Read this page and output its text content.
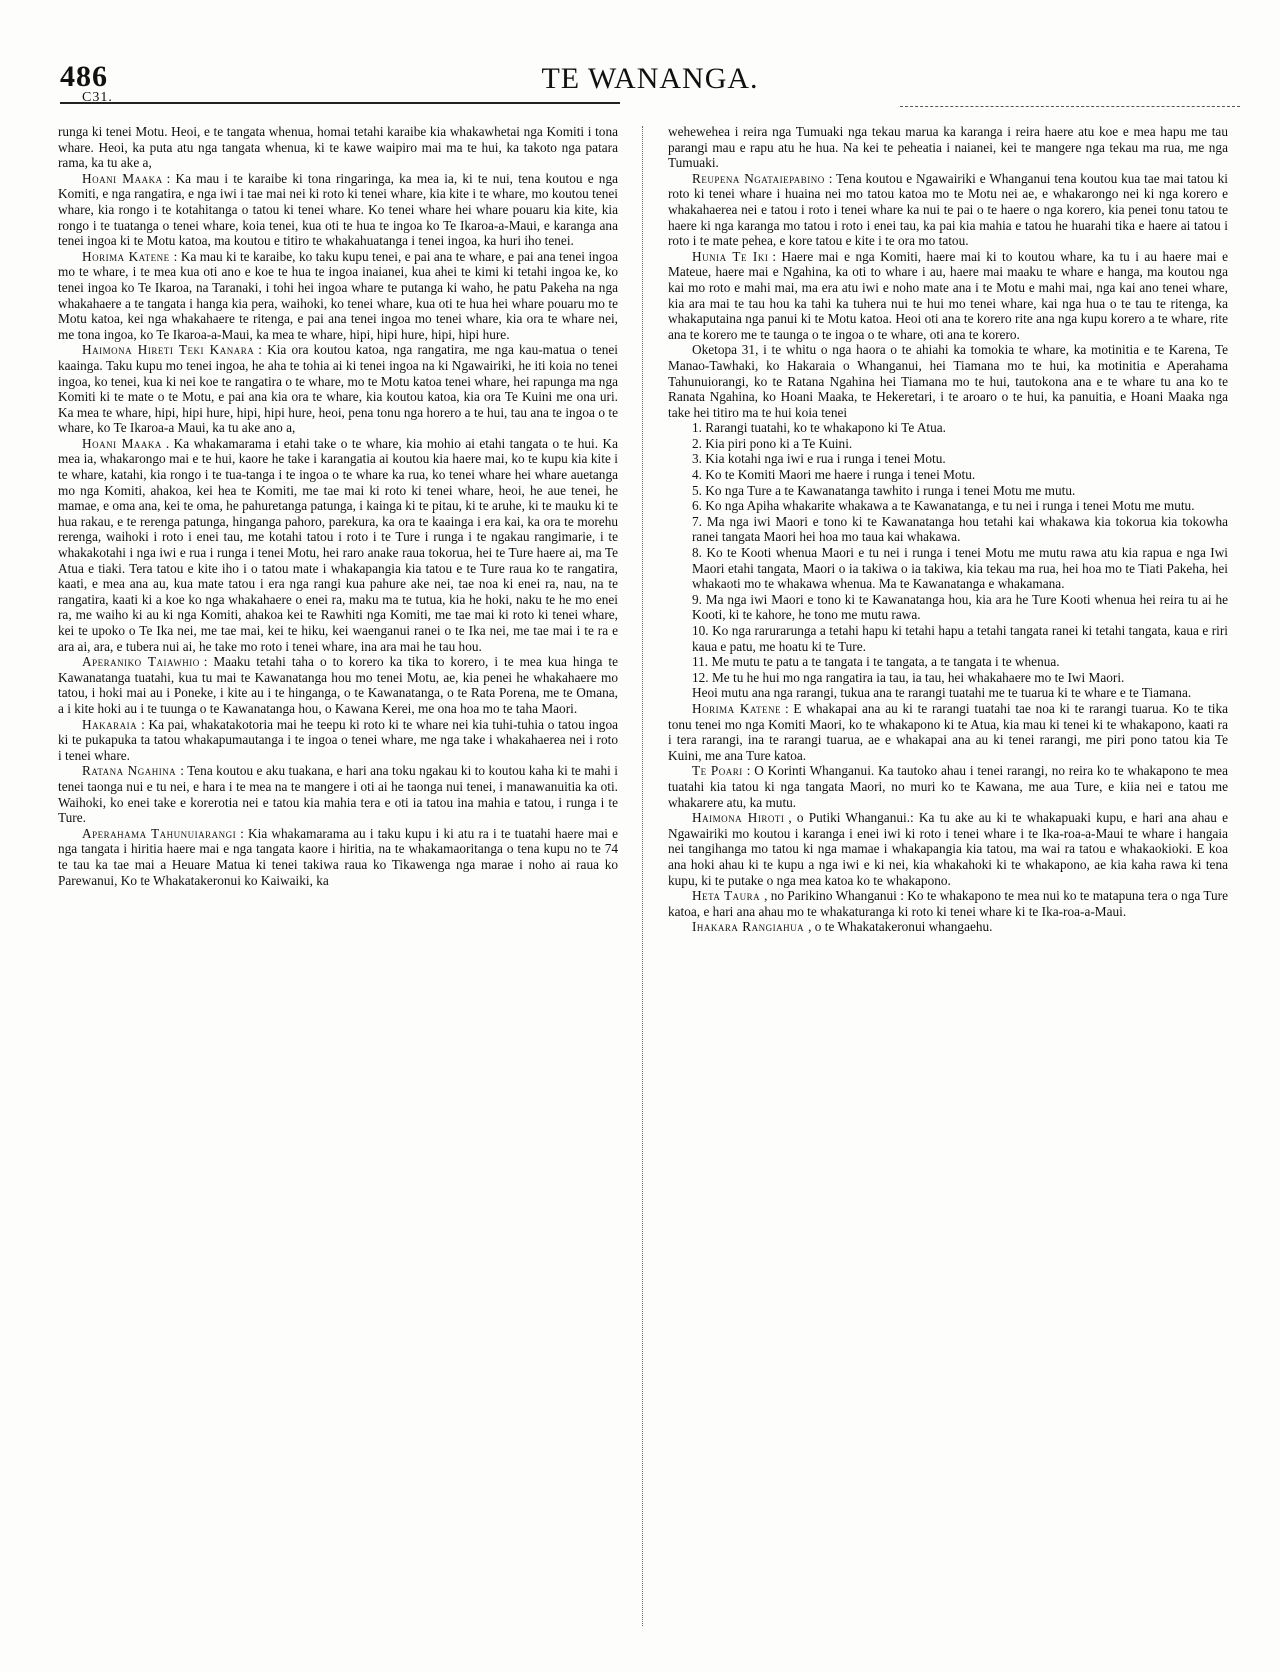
486
C31.
TE WANANGA.

runga ki tenei Motu. Heoi, e te tangata whenua, homai tetahi karaibe kia whakawhetai nga Komiti i tona whare. Heoi, ka puta atu nga tangata whenua, ki te kawe waipiro mai ma te hui, ka takoto nga patara rama, ka tu ake a,

Hoani Maaka : Ka mau i te karaibe ki tona ringaringa, ka mea ia, ki te nui, tena koutou e nga Komiti, e nga rangatira, e nga iwi i tae mai nei ki roto ki tenei whare, kia kite i te whare, mo koutou tenei whare, kia rongo i te kotahitanga o tatou ki tenei whare. Ko tenei whare hei whare pouaru kia kite, kia rongo i te tuatanga o tenei whare, koia tenei, kua oti te hua te ingoa ko Te Ikaroa-a-Maui, e karanga ana tenei ingoa ki te Motu katoa, ma koutou e titiro te whakahuatanga i tenei ingoa, ka huri iho tenei.

Horima Katene : Ka mau ki te karaibe, ko taku kupu tenei, e pai ana te whare, e pai ana tenei ingoa mo te whare, i te mea kua oti ano e koe te hua te ingoa inaianei, kua ahei te kimi ki tetahi ingoa ke, ko tenei ingoa ko Te Ikaroa, na Taranaki, i tohi hei ingoa whare te putanga ki waho, he patu Pakeha na nga whakahaere a te tangata i hanga kia pera, waihoki, ko tenei whare, kua oti te hua hei whare pouaru mo te Motu katoa, kei nga whakahaere te ritenga, e pai ana tenei ingoa mo tenei whare, kia ora te whare nei, me tona ingoa, ko Te Ikaroa-a-Maui, ka mea te whare, hipi, hipi hure, hipi, hipi hure.

Haimona Hireti Teki Kanara : Kia ora koutou katoa, nga rangatira, me nga kau-matua o tenei kaainga. Taku kupu mo tenei ingoa, he aha te tohia ai ki tenei ingoa na ki Ngawairiki, he iti koia no tenei ingoa, ko tenei, kua ki nei koe te rangatira o te whare, mo te Motu katoa tenei whare, hei rapunga ma nga Komiti ki te mate o te Motu, e pai ana kia ora te whare, kia koutou katoa, kia ora Te Kuini me ona uri. Ka mea te whare, hipi, hipi hure, hipi, hipi hure, heoi, pena tonu nga horero a te hui, tau ana te ingoa o te whare, ko Te Ikaroa-a Maui, ka tu ake ano a,

Hoani Maaka . Ka whakamarama i etahi take o te whare, kia mohio ai etahi tangata o te hui. Ka mea ia, whakarongo mai e te hui, kaore he take i karangatia ai koutou kia haere mai, ko te kupu kia kite i te whare, katahi, kia rongo i te tua-tanga i te ingoa o te whare ka rua, ko tenei whare hei whare auetanga mo nga Komiti, ahakoa, kei hea te Komiti, me tae mai ki roto ki tenei whare, heoi, he aue tenei, he mamae, e oma ana, kei te oma, he pahuretanga patunga, i kainga ki te pitau, ki te aruhe, ki te mauku ki te hua rakau, e te rerenga patunga, hinganga pahoro, parekura, ka ora te kaainga i era kai, ka ora te morehu rerenga, waihoki i roto i enei tau, me kotahi tatou i roto i te Ture i runga i te ngakau rangimarie, i te whakakotahi i nga iwi e rua i runga i tenei Motu, hei raro anake raua tokorua, hei te Ture haere ai, ma Te Atua e tiaki. Tera tatou e kite iho i o tatou mate i whakapangia kia tatou e te Ture raua ko te rangatira, kaati, e mea ana au, kua mate tatou i era nga rangi kua pahure ake nei, tae noa ki enei ra, nau, na te rangatira, kaati ki a koe ko nga whakahaere o enei ra, maku ma te tutua, kia he hoki, naku te he mo enei ra, me waiho ki au ki nga Komiti, ahakoa kei te Rawhiti nga Komiti, me tae mai ki roto ki tenei whare, kei te upoko o Te Ika nei, me tae mai, kei te hiku, kei waenganui ranei o te Ika nei, me tae mai i te ra e ara ai, ara, e tubera nui ai, he take mo roto i tenei whare, ina ara mai he tau hou.

Aperaniko Taiawhio : Maaku tetahi taha o to korero ka tika to korero, i te mea kua hinga te Kawanatanga tuatahi, kua tu mai te Kawanatanga hou mo tenei Motu, ae, kia penei he whakahaere mo tatou, i hoki mai au i Poneke, i kite au i te hinganga, o te Kawanatanga, o te Rata Porena, me te Omana, a i kite hoki au i te tuunga o te Kawanatanga hou, o Kawana Kerei, me ona hoa mo te taha Maori.

Hakaraia : Ka pai, whakatakotoria mai he teepu ki roto ki te whare nei kia tuhi-tuhia o tatou ingoa ki te pukapuka ta tatou whakapumautanga i te ingoa o tenei whare, me nga take i whakahaerea nei i roto i tenei whare.

Ratana Ngahina : Tena koutou e aku tuakana, e hari ana toku ngakau ki to koutou kaha ki te mahi i tenei taonga nui e tu nei, e hara i te mea na te mangere i oti ai he taonga nui tenei, i manawanuitia ka oti. Waihoki, ko enei take e korerotia nei e tatou kia mahia tera e oti ia tatou ina mahia e tatou, i runga i te Ture.

Aperahama Tahunuiarangi : Kia whakamarama au i taku kupu i ki atu ra i te tuatahi haere mai e nga tangata i hiritia haere mai e nga tangata kaore i hiritia, na te whakamaoritanga o tena kupu no te 74 te tau ka tae mai a Heuare Matua ki tenei takiwa raua ko Tikawenga nga marae i noho ai raua ko Parewanui, Ko te Whakatakeronui ko Kaiwaiki, ka

wehewehea i reira nga Tumuaki nga tekau marua ka karanga i reira haere atu koe e mea hapu me tau parangi mau e rapu atu he hua. Na kei te peheatia i naianei, kei te mangere nga tekau ma rua, me nga Tumuaki.

Reupena Ngataiepabino : Tena koutou e Ngawairiki e Whanganui tena koutou kua tae mai tatou ki roto ki tenei whare i huaina nei mo tatou katoa mo te Motu nei ae, e whakarongo nei ki nga korero e whakahaerea nei e tatou i roto i tenei whare ka nui te pai o te haere o nga korero, kia penei tonu tatou te haere ki nga karanga mo tatou i roto i enei tau, ka pai kia mahia e tatou he huarahi tika e haere ai tatou i roto i te mate pehea, e kore tatou e kite i te ora mo tatou.

Hunia Te Iki : Haere mai e nga Komiti, haere mai ki to koutou whare, ka tu i au haere mai e Mateue, haere mai e Ngahina, ka oti to whare i au, haere mai maaku te whare e hanga, ma koutou nga kai mo roto e mahi mai, ma era atu iwi e noho mate ana i te Motu e mahi mai, nga kai ano tenei whare, kia ara mai te tau hou ka tahi ka tuhera nui te hui mo tenei whare, kai nga hua o te tau te ritenga, ka whakaputaina nga panui ki te Motu katoa. Heoi oti ana te korero rite ana nga kupu korero a te whare, rite ana te korero me te taunga o te ingoa o te whare, oti ana te korero.

Oketopa 31, i te whitu o nga haora o te ahiahi ka tomokia te whare, ka motinitia e te Karena, Te Manao-Tawhaki, ko Hakaraia o Whanganui, hei Tiamana mo te hui, ka motinitia e Aperahama Tahunuiorangi, ko te Ratana Ngahina hei Tiamana mo te hui, tautokona ana e te whare tu ana ko te Ranata Ngahina, ko Hoani Maaka, te Hekeretari, i te aroaro o te hui, ka panuitia, e Hoani Maaka nga take hei titiro ma te hui koia tenei

1. Rarangi tuatahi, ko te whakapono ki Te Atua.

2. Kia piri pono ki a Te Kuini.

3. Kia kotahi nga iwi e rua i runga i tenei Motu.

4. Ko te Komiti Maori me haere i runga i tenei Motu.

5. Ko nga Ture a te Kawanatanga tawhito i runga i tenei Motu me mutu.

6. Ko nga Apiha whakarite whakawa a te Kawanatanga, e tu nei i runga i tenei Motu me mutu.

7. Ma nga iwi Maori e tono ki te Kawanatanga hou tetahi kai whakawa kia tokorua kia tokowha ranei tangata Maori hei hoa mo taua kai whakawa.

8. Ko te Kooti whenua Maori e tu nei i runga i tenei Motu me mutu rawa atu kia rapua e nga Iwi Maori etahi tangata, Maori o ia takiwa o ia takiwa, kia tekau ma rua, hei hoa mo te Tiati Pakeha, hei whakaoti mo te whakawa whenua. Ma te Kawanatanga e whakamana.

9. Ma nga iwi Maori e tono ki te Kawanatanga hou, kia ara he Ture Kooti whenua hei reira tu ai he Kooti, ki te kahore, he tono me mutu rawa.

10. Ko nga rarurarunga a tetahi hapu ki tetahi hapu a tetahi tangata ranei ki tetahi tangata, kaua e riri kaua e patu, me hoatu ki te Ture.

11. Me mutu te patu a te tangata i te tangata, a te tangata i te whenua.

12. Me tu he hui mo nga rangatira ia tau, ia tau, hei whakahaere mo te Iwi Maori.

Heoi mutu ana nga rarangi, tukua ana te rarangi tuatahi me te tuarua ki te whare e te Tiamana.

Horima Katene : E whakapai ana au ki te rarangi tuatahi tae noa ki te rarangi tuarua. Ko te tika tonu tenei mo nga Komiti Maori, ko te whakapono ki te Atua, kia mau ki tenei ki te whakapono, kaati ra i tera rarangi, ina te rarangi tuarua, ae e whakapai ana au ki tenei rarangi, me piri pono tatou kia Te Kuini, me ana Ture katoa.

Te Poari : O Korinti Whanganui. Ka tautoko ahau i tenei rarangi, no reira ko te whakapono te mea tuatahi kia tatou ki nga tangata Maori, no muri ko te Kawana, me aua Ture, e kiia nei e tatou me whakarere atu, ka mutu.

Haimona Hiroti , o Putiki Whanganui.: Ka tu ake au ki te whakapuaki kupu, e hari ana ahau e Ngawairiki mo koutou i karanga i enei iwi ki roto i tenei whare i te Ika-roa-a-Maui te whare i hangaia nei tangihanga mo tatou ki nga mamae i whakapangia kia tatou, ma wai ra tatou e whakaokioki. E koa ana hoki ahau ki te kupu a nga iwi e ki nei, kia whakahoki ki te whakapono, ae kia kaha rawa ki tena kupu, ki te putake o nga mea katoa ko te whakapono.

Heta Taura , no Parikino Whanganui : Ko te whakapono te mea nui ko te matapuna tera o nga Ture katoa, e hari ana ahau mo te whakaturanga ki roto ki tenei whare ki te Ika-roa-a-Maui.

Ihakara Rangiahua , o te Whakatakeronui whangaehu.
